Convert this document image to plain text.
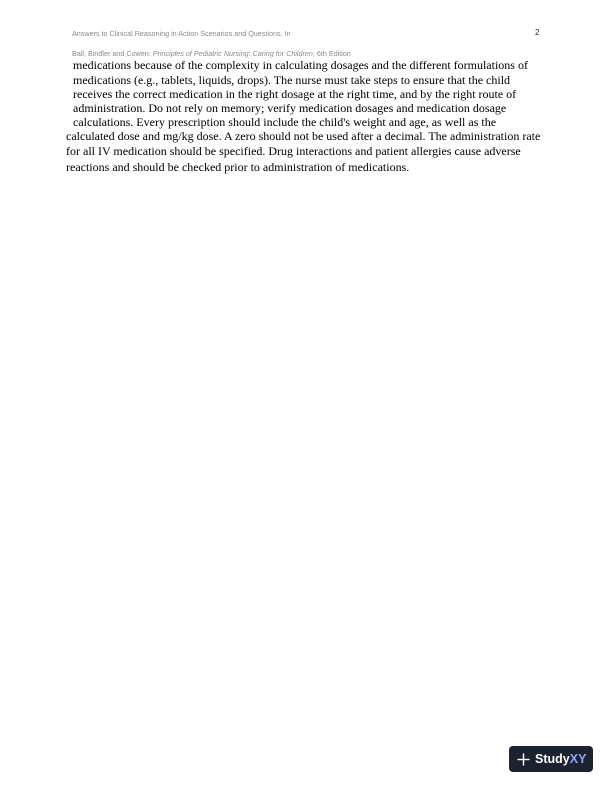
Answers to Clinical Reasoning in Action Scenarios and Questions, In
Ball, Bindler and Cowen: Principles of Pediatric Nursing: Caring for Children, 6th Edition
2
medications because of the complexity in calculating dosages and the different formulations of
medications (e.g., tablets, liquids, drops). The nurse must take steps to ensure that the child
receives the correct medication in the right dosage at the right time, and by the right route of
administration. Do not rely on memory; verify medication dosages and medication dosage
calculations. Every prescription should include the child's weight and age, as well as the
calculated dose and mg/kg dose. A zero should not be used after a decimal. The administration rate
for all IV medication should be specified. Drug interactions and patient allergies cause adverse
reactions and should be checked prior to administration of medications.
StudyXY
